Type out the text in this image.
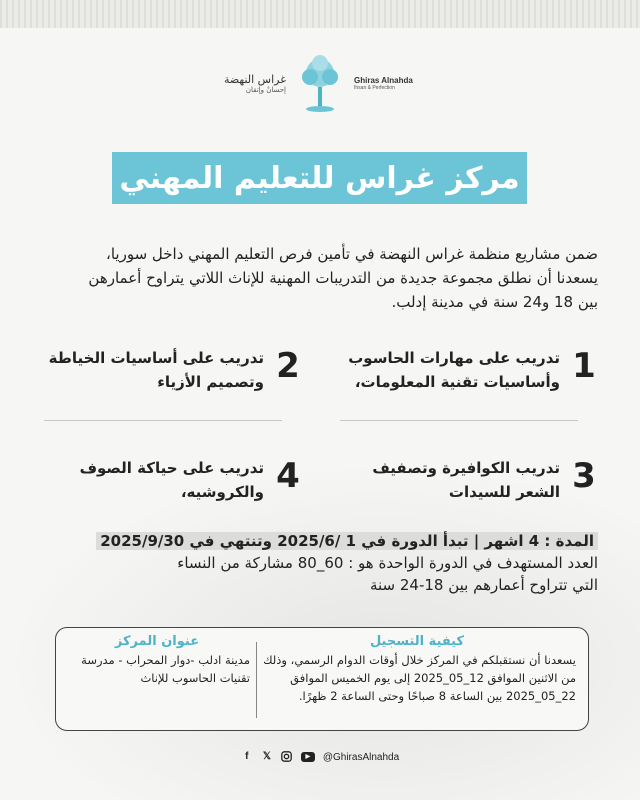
غراس النهضة
إحسانٌ وإتقان
Ghiras Alnahda
Ihsan & Perfection
مركز غراس للتعليم المهني
ضمن مشاريع منظمة غراس النهضة في تأمين فرص التعليم المهني داخل سوريا،
يسعدنا أن نطلق مجموعة جديدة من التدريبات المهنية للإناث اللاتي يتراوح أعمارهن
بين 18 و24 سنة في مدينة إدلب.
1
تدريب على مهارات الحاسوب
وأساسيات تقنية المعلومات،
2
تدريب على أساسيات الخياطة
وتصميم الأزياء
3
تدريب الكوافيرة وتصفيف
الشعر للسيدات
4
تدريب على حياكة الصوف
والكروشيه،
المدة : 4 اشهر | تبدأ الدورة في 1 /2025/6 وتنتهي في 2025/9/30
العدد المستهدف في الدورة الواحدة هو : 60_80 مشاركة من النساء
التي تتراوح أعمارهم بين 18-24 سنة
كيفية التسجيل
يسعدنا أن نستقبلكم في المركز خلال أوقات الدوام الرسمي، وذلك
من الاثنين الموافق 12_05_2025 إلى يوم الخميس الموافق
22_05_2025 بين الساعة 8 صباحًا وحتى الساعة 2 ظهرًا.
عنوان المركز
مدينة ادلب -دوار المحراب - مدرسة
تقنيات الحاسوب للإناث
f	𝕏	▶	@GhirasAlnahda
